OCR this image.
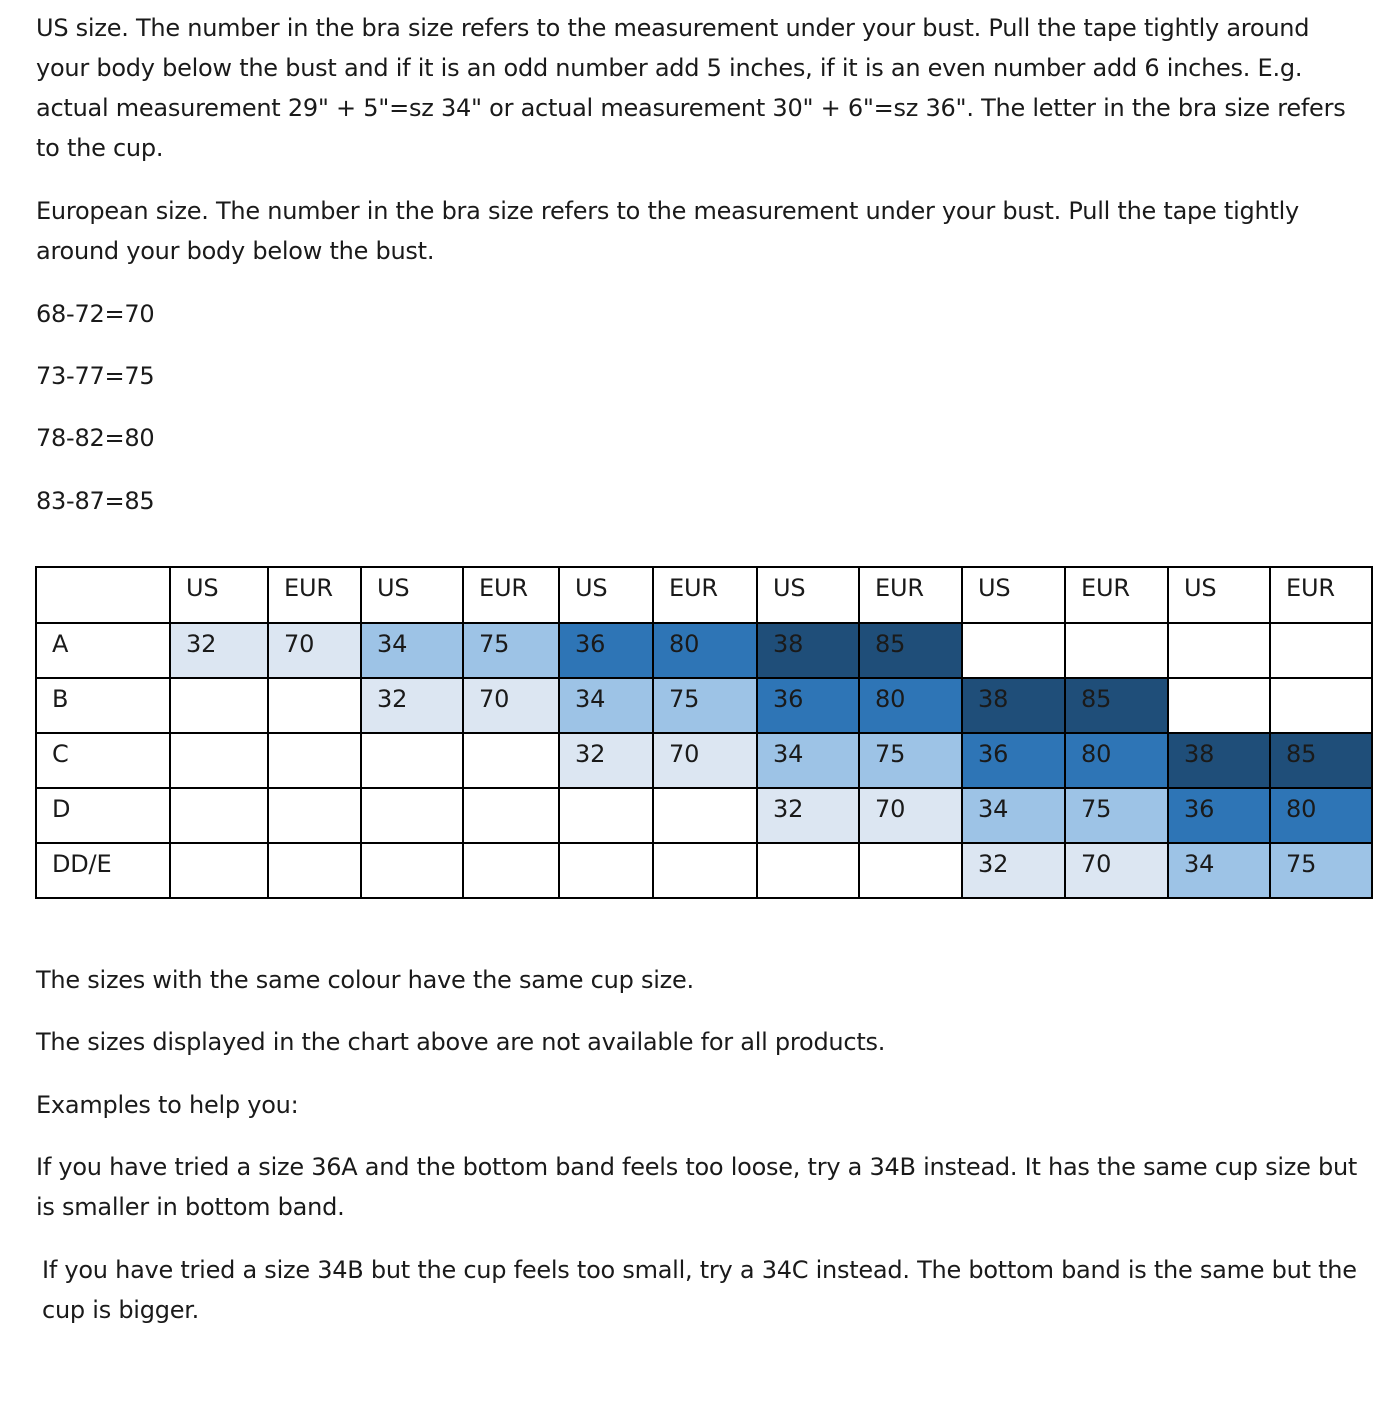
US size. The number in the bra size refers to the measurement under your bust. Pull the tape tightly around your body below the bust and if it is an odd number add 5 inches, if it is an even number add 6 inches. E.g. actual measurement 29" + 5"=sz 34" or actual measurement 30" + 6"=sz 36". The letter in the bra size refers to the cup.

European size. The number in the bra size refers to the measurement under your bust. Pull the tape tightly around your body below the bust.

68-72=70

73-77=75

78-82=80

83-87=85

	US	EUR	US	EUR	US	EUR	US	EUR	US	EUR	US	EUR
A	32	70	34	75	36	80	38	85				
B			32	70	34	75	36	80	38	85		
C					32	70	34	75	36	80	38	85
D							32	70	34	75	36	80
DD/E									32	70	34	75

The sizes with the same colour have the same cup size.

The sizes displayed in the chart above are not available for all products.

Examples to help you:

If you have tried a size 36A and the bottom band feels too loose, try a 34B instead. It has the same cup size but is smaller in bottom band.

If you have tried a size 34B but the cup feels too small, try a 34C instead. The bottom band is the same but the cup is bigger.
